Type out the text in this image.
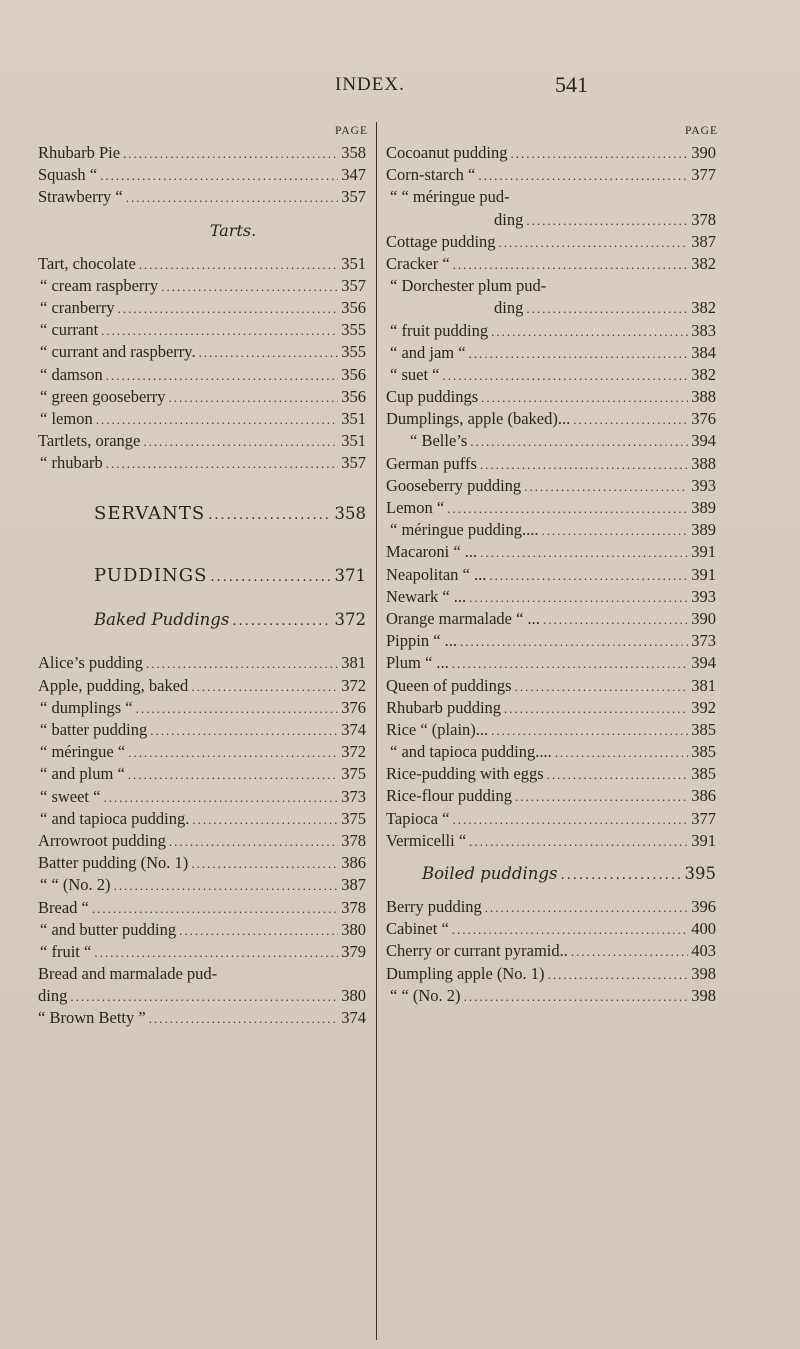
INDEX.	541
PAGE
Rhubarb Pie .....	358
Squash “ .....	347
Strawberry “ .....	357
Tarts.
Tart, chocolate .....	351
“ cream raspberry .....	357
“ cranberry .....	356
“ currant .....	355
“ currant and raspberry. .....	355
“ damson .....	356
“ green gooseberry .....	356
“ lemon .....	351
Tartlets, orange .....	351
“ rhubarb .....	357
SERVANTS .....	358
PUDDINGS .....	371
Baked Puddings .....	372
Alice’s pudding .....	381
Apple, pudding, baked .....	372
“ dumplings “ .....	376
“ batter pudding .....	374
“ méringue “ .....	372
“ and plum “ .....	375
“ sweet “ .....	373
“ and tapioca pudding. .....	375
Arrowroot pudding .....	378
Batter pudding (No. 1) .....	386
“ “ (No. 2) .....	387
Bread “ .....	378
“ and butter pudding .....	380
“ fruit “ .....	379
Bread and marmalade pud-
ding .....	380
“ Brown Betty ” .....	374
PAGE
Cocoanut pudding .....	390
Corn-starch “ .....	377
“ “ méringue pud-
ding .....	378
Cottage pudding .....	387
Cracker “ .....	382
“ Dorchester plum pud-
ding .....	382
“ fruit pudding .....	383
“ and jam “ .....	384
“ suet “ .....	382
Cup puddings .....	388
Dumplings, apple (baked)... .....	376
“ Belle’s .....	394
German puffs .....	388
Gooseberry pudding .....	393
Lemon “ .....	389
“ méringue pudding.... .....	389
Macaroni “ ... .....	391
Neapolitan “ ... .....	391
Newark “ ... .....	393
Orange marmalade “ ... .....	390
Pippin “ ... .....	373
Plum “ ... .....	394
Queen of puddings .....	381
Rhubarb pudding .....	392
Rice “ (plain)... .....	385
“ and tapioca pudding.... .....	385
Rice-pudding with eggs .....	385
Rice-flour pudding .....	386
Tapioca “ .....	377
Vermicelli “ .....	391
Boiled puddings .....	395
Berry pudding .....	396
Cabinet “ .....	400
Cherry or currant pyramid.. .....	403
Dumpling apple (No. 1) .....	398
“ “ (No. 2) .....	398
